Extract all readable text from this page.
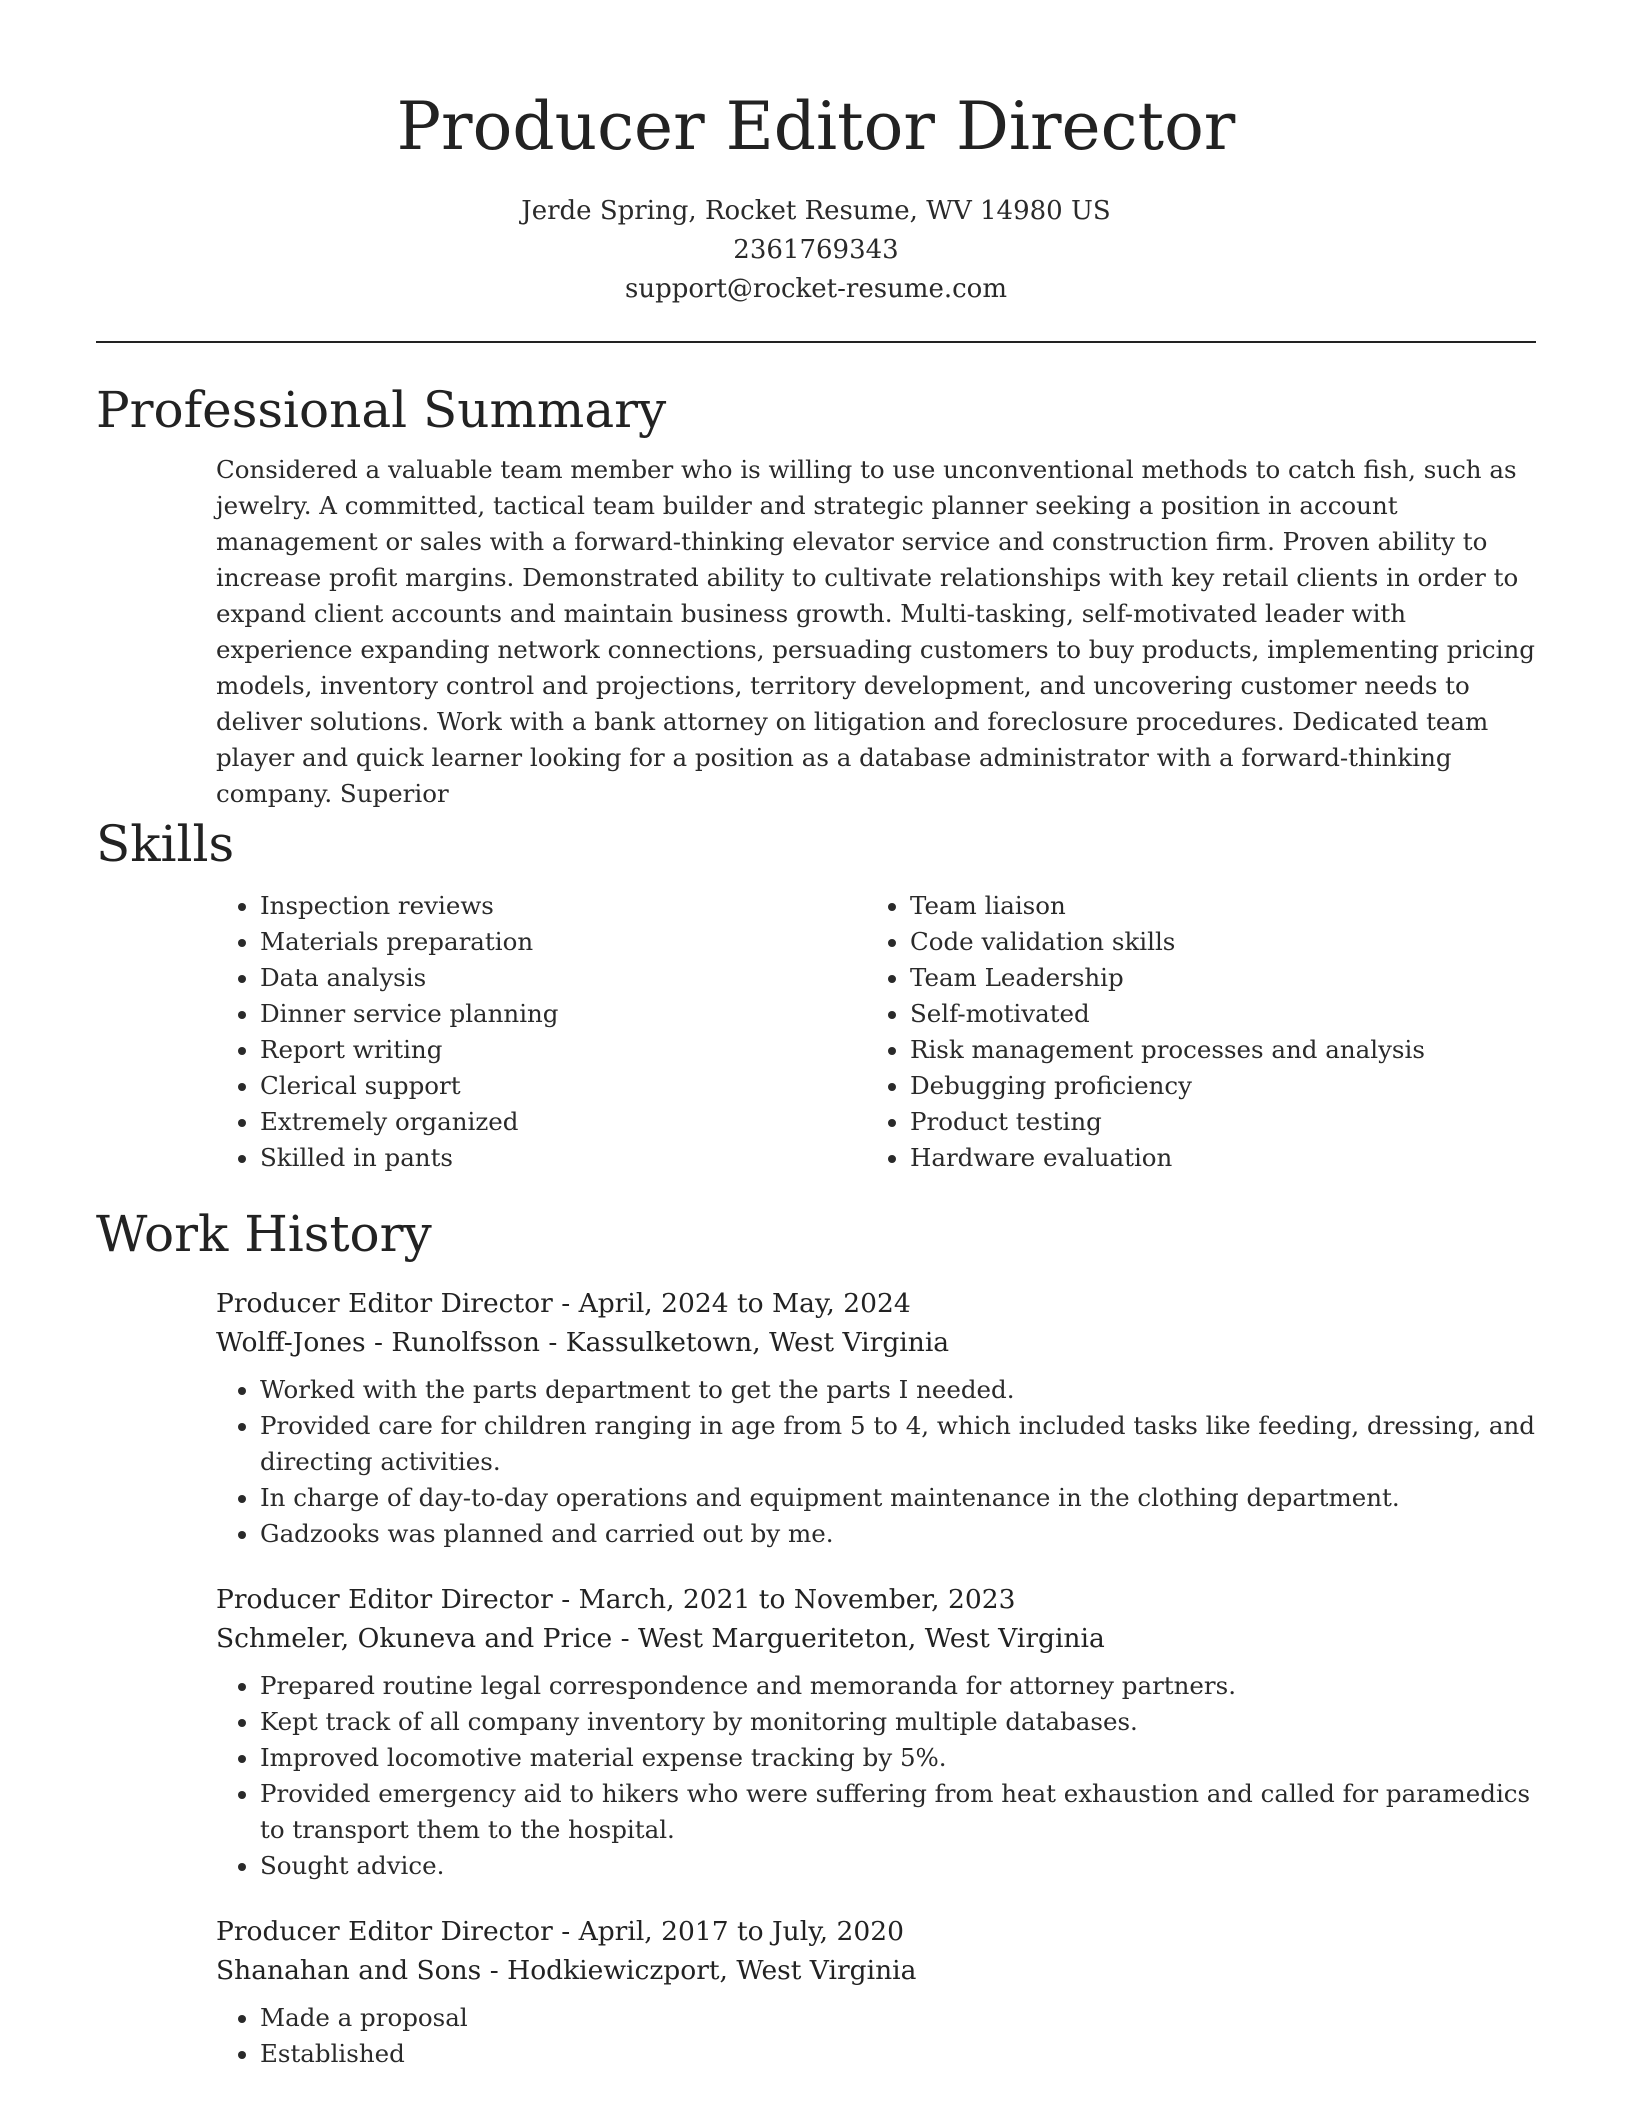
Producer Editor Director
Jerde Spring, Rocket Resume, WV 14980 US
2361769343
support@rocket-resume.com
Professional Summary
Considered a valuable team member who is willing to use unconventional methods to catch fish, such as jewelry. A committed, tactical team builder and strategic planner seeking a position in account management or sales with a forward-thinking elevator service and construction firm. Proven ability to increase profit margins. Demonstrated ability to cultivate relationships with key retail clients in order to expand client accounts and maintain business growth. Multi-tasking, self-motivated leader with experience expanding network connections, persuading customers to buy products, implementing pricing models, inventory control and projections, territory development, and uncovering customer needs to deliver solutions. Work with a bank attorney on litigation and foreclosure procedures. Dedicated team player and quick learner looking for a position as a database administrator with a forward-thinking company. Superior
Skills
• Inspection reviews
• Materials preparation
• Data analysis
• Dinner service planning
• Report writing
• Clerical support
• Extremely organized
• Skilled in pants
• Team liaison
• Code validation skills
• Team Leadership
• Self-motivated
• Risk management processes and analysis
• Debugging proficiency
• Product testing
• Hardware evaluation
Work History
Producer Editor Director - April, 2024 to May, 2024
Wolff-Jones - Runolfsson - Kassulketown, West Virginia
• Worked with the parts department to get the parts I needed.
• Provided care for children ranging in age from 5 to 4, which included tasks like feeding, dressing, and directing activities.
• In charge of day-to-day operations and equipment maintenance in the clothing department.
• Gadzooks was planned and carried out by me.
Producer Editor Director - March, 2021 to November, 2023
Schmeler, Okuneva and Price - West Margueriteton, West Virginia
• Prepared routine legal correspondence and memoranda for attorney partners.
• Kept track of all company inventory by monitoring multiple databases.
• Improved locomotive material expense tracking by 5%.
• Provided emergency aid to hikers who were suffering from heat exhaustion and called for paramedics to transport them to the hospital.
• Sought advice.
Producer Editor Director - April, 2017 to July, 2020
Shanahan and Sons - Hodkiewiczport, West Virginia
• Made a proposal
• Established
